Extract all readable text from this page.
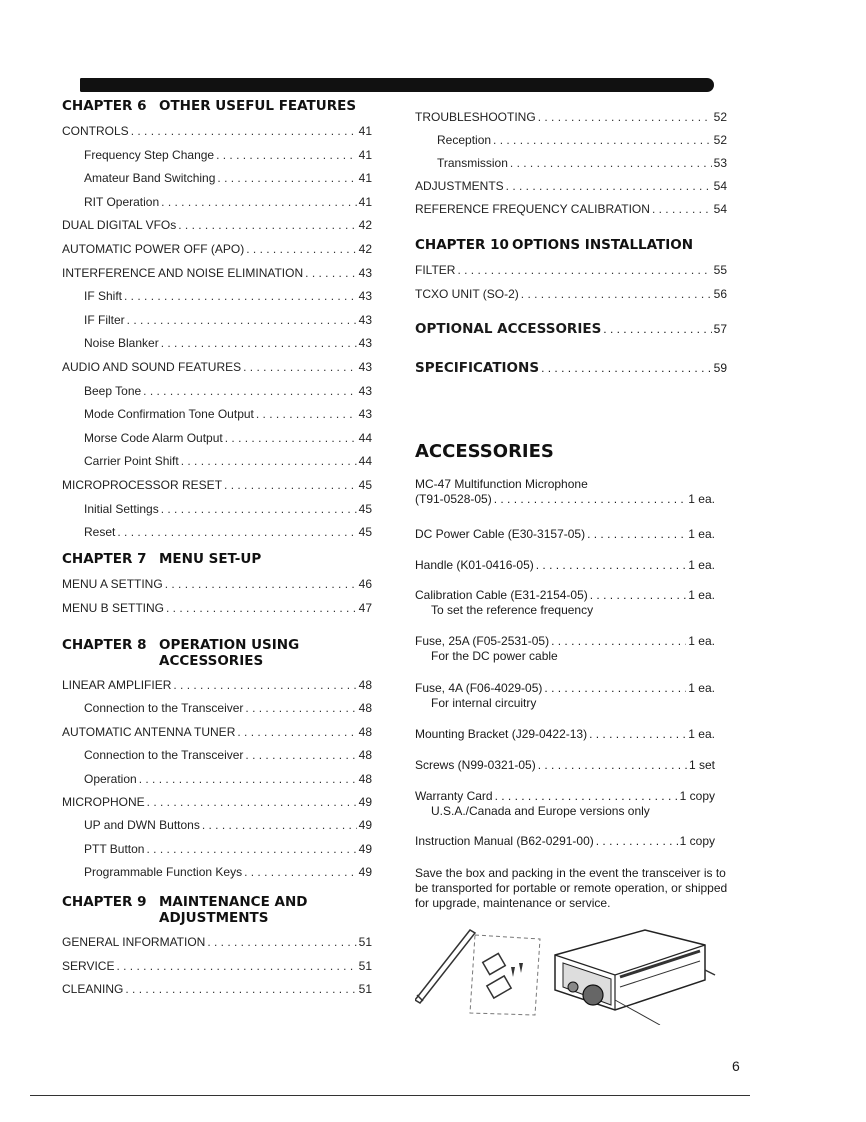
CHAPTER 6 OTHER USEFUL FEATURES
CONTROLS . . .	41
Frequency Step Change . . .	41
Amateur Band Switching . . .	41
RIT Operation . . .	41
DUAL DIGITAL VFOs . . .	42
AUTOMATIC POWER OFF (APO) . . .	42
INTERFERENCE AND NOISE ELIMINATION . . .	43
IF Shift . . .	43
IF Filter . . .	43
Noise Blanker . . .	43
AUDIO AND SOUND FEATURES . . .	43
Beep Tone . . .	43
Mode Confirmation Tone Output . . .	43
Morse Code Alarm Output . . .	44
Carrier Point Shift . . .	44
MICROPROCESSOR RESET . . .	45
Initial Settings . . .	45
Reset . . .	45
CHAPTER 7 MENU SET-UP
MENU A SETTING . . .	46
MENU B SETTING . . .	47
CHAPTER 8 OPERATION USING
ACCESSORIES
LINEAR AMPLIFIER . . .	48
Connection to the Transceiver . . .	48
AUTOMATIC ANTENNA TUNER . . .	48
Connection to the Transceiver . . .	48
Operation . . .	48
MICROPHONE . . .	49
UP and DWN Buttons . . .	49
PTT Button . . .	49
Programmable Function Keys . . .	49
CHAPTER 9 MAINTENANCE AND
ADJUSTMENTS
GENERAL INFORMATION . . .	51
SERVICE . . .	51
CLEANING . . .	51
TROUBLESHOOTING . . .	52
Reception . . .	52
Transmission . . .	53
ADJUSTMENTS . . .	54
REFERENCE FREQUENCY CALIBRATION . . .	54
CHAPTER 10 OPTIONS INSTALLATION
FILTER . . .	55
TCXO UNIT (SO-2) . . .	56
OPTIONAL ACCESSORIES . . .	57
SPECIFICATIONS . . .	59
ACCESSORIES
MC-47 Multifunction Microphone
(T91-0528-05) . . .	1 ea.
DC Power Cable (E30-3157-05) . . .	1 ea.
Handle (K01-0416-05) . . .	1 ea.
Calibration Cable (E31-2154-05) . . .	1 ea.
To set the reference frequency
Fuse, 25A (F05-2531-05) . . .	1 ea.
For the DC power cable
Fuse, 4A (F06-4029-05) . . .	1 ea.
For internal circuitry
Mounting Bracket (J29-0422-13) . . .	1 ea.
Screws (N99-0321-05) . . .	1 set
Warranty Card . . .	1 copy
U.S.A./Canada and Europe versions only
Instruction Manual (B62-0291-00) . . .	1 copy
Save the box and packing in the event the transceiver is to be transported for portable or remote operation, or shipped for upgrade, maintenance or service.
6
